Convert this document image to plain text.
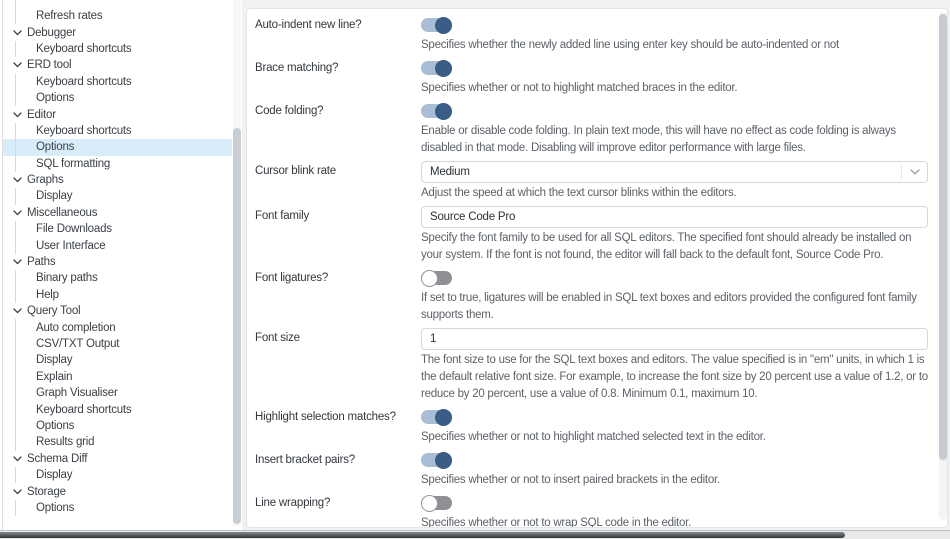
Refresh rates
Debugger
Keyboard shortcuts
ERD tool
Keyboard shortcuts
Options
Editor
Keyboard shortcuts
Options
SQL formatting
Graphs
Display
Miscellaneous
File Downloads
User Interface
Paths
Binary paths
Help
Query Tool
Auto completion
CSV/TXT Output
Display
Explain
Graph Visualiser
Keyboard shortcuts
Options
Results grid
Schema Diff
Display
Storage
Options
Auto-indent new line?
Specifies whether the newly added line using enter key should be auto-indented or not
Brace matching?
Specifies whether or not to highlight matched braces in the editor.
Code folding?
Enable or disable code folding. In plain text mode, this will have no effect as code folding is always disabled in that mode. Disabling will improve editor performance with large files.
Cursor blink rate	Medium
Adjust the speed at which the text cursor blinks within the editors.
Font family
Source Code Pro
Specify the font family to be used for all SQL editors. The specified font should already be installed on your system. If the font is not found, the editor will fall back to the default font, Source Code Pro.
Font ligatures?
If set to true, ligatures will be enabled in SQL text boxes and editors provided the configured font family supports them.
Font size
1
The font size to use for the SQL text boxes and editors. The value specified is in "em" units, in which 1 is the default relative font size. For example, to increase the font size by 20 percent use a value of 1.2, or to reduce by 20 percent, use a value of 0.8. Minimum 0.1, maximum 10.
Highlight selection matches?
Specifies whether or not to highlight matched selected text in the editor.
Insert bracket pairs?
Specifies whether or not to insert paired brackets in the editor.
Line wrapping?
Specifies whether or not to wrap SQL code in the editor.
